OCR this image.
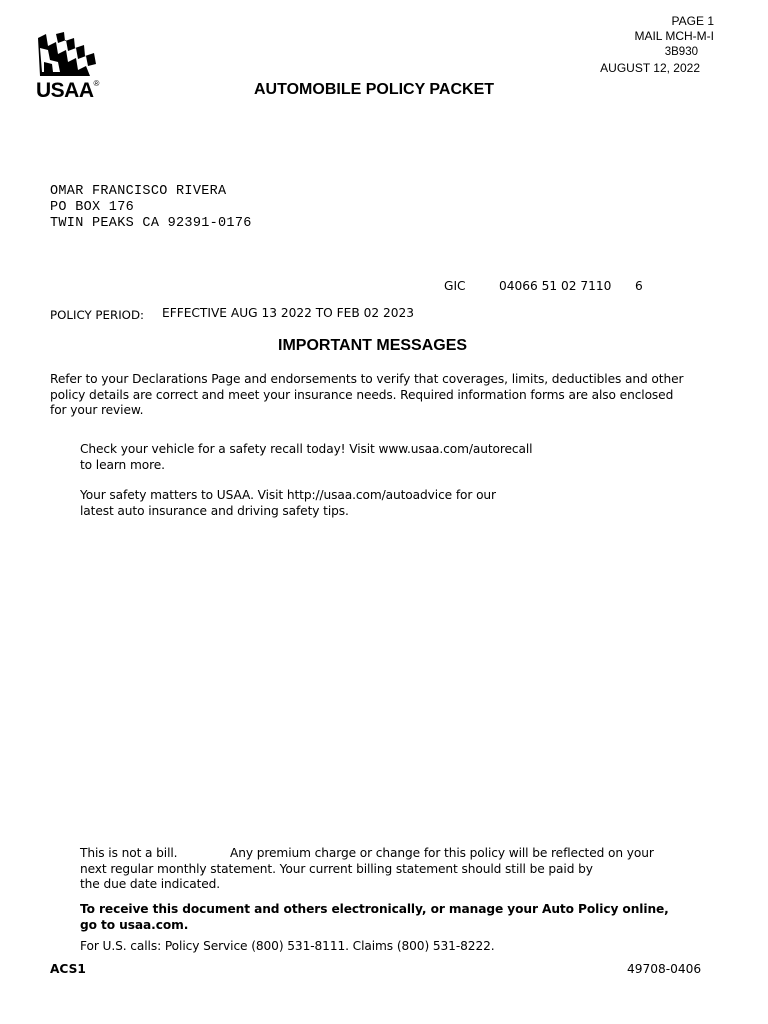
USAA®
PAGE 1
MAIL MCH-M-I
3B930
AUGUST 12, 2022
AUTOMOBILE POLICY PACKET
OMAR FRANCISCO RIVERA
PO BOX 176
TWIN PEAKS CA 92391-0176
GIC	04066 51 02 7110 6
POLICY PERIOD: EFFECTIVE AUG 13 2022 TO FEB 02 2023
IMPORTANT MESSAGES
Refer to your Declarations Page and endorsements to verify that coverages, limits, deductibles and other
policy details are correct and meet your insurance needs. Required information forms are also enclosed
for your review.
Check your vehicle for a safety recall today! Visit www.usaa.com/autorecall
to learn more.
Your safety matters to USAA. Visit http://usaa.com/autoadvice for our
latest auto insurance and driving safety tips.
This is not a bill.	Any premium charge or change for this policy will be reflected on your
next regular monthly statement. Your current billing statement should still be paid by
the due date indicated.
To receive this document and others electronically, or manage your Auto Policy online,
go to usaa.com.
For U.S. calls: Policy Service (800) 531-8111. Claims (800) 531-8222.
ACS1	49708-0406
